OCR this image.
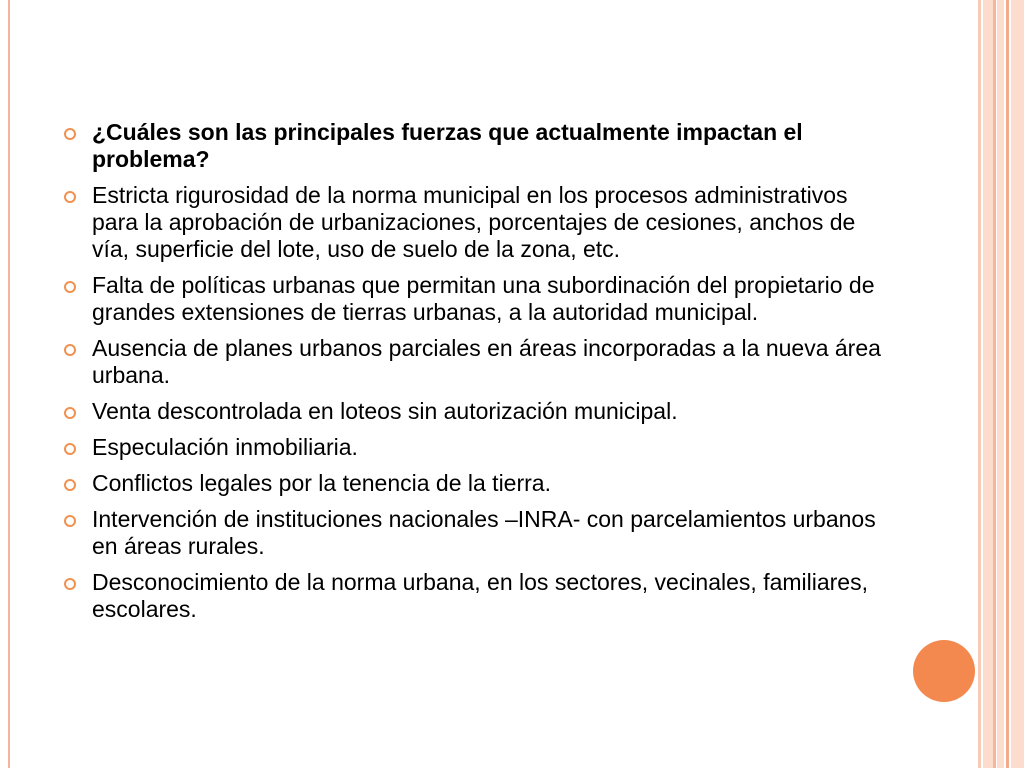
¿Cuáles son las principales fuerzas que actualmente impactan el problema?
Estricta rigurosidad de la norma municipal en los procesos administrativos para la aprobación de urbanizaciones, porcentajes de cesiones, anchos de vía, superficie del lote, uso de suelo de la zona, etc.
Falta de políticas urbanas que permitan una subordinación del propietario de grandes extensiones de tierras urbanas, a la autoridad municipal.
Ausencia de planes urbanos parciales en áreas incorporadas a la nueva área urbana.
Venta descontrolada en loteos sin autorización municipal.
Especulación inmobiliaria.
Conflictos legales por la tenencia de la tierra.
Intervención de instituciones nacionales –INRA- con parcelamientos urbanos en áreas rurales.
Desconocimiento de la norma urbana, en los sectores, vecinales, familiares, escolares.
